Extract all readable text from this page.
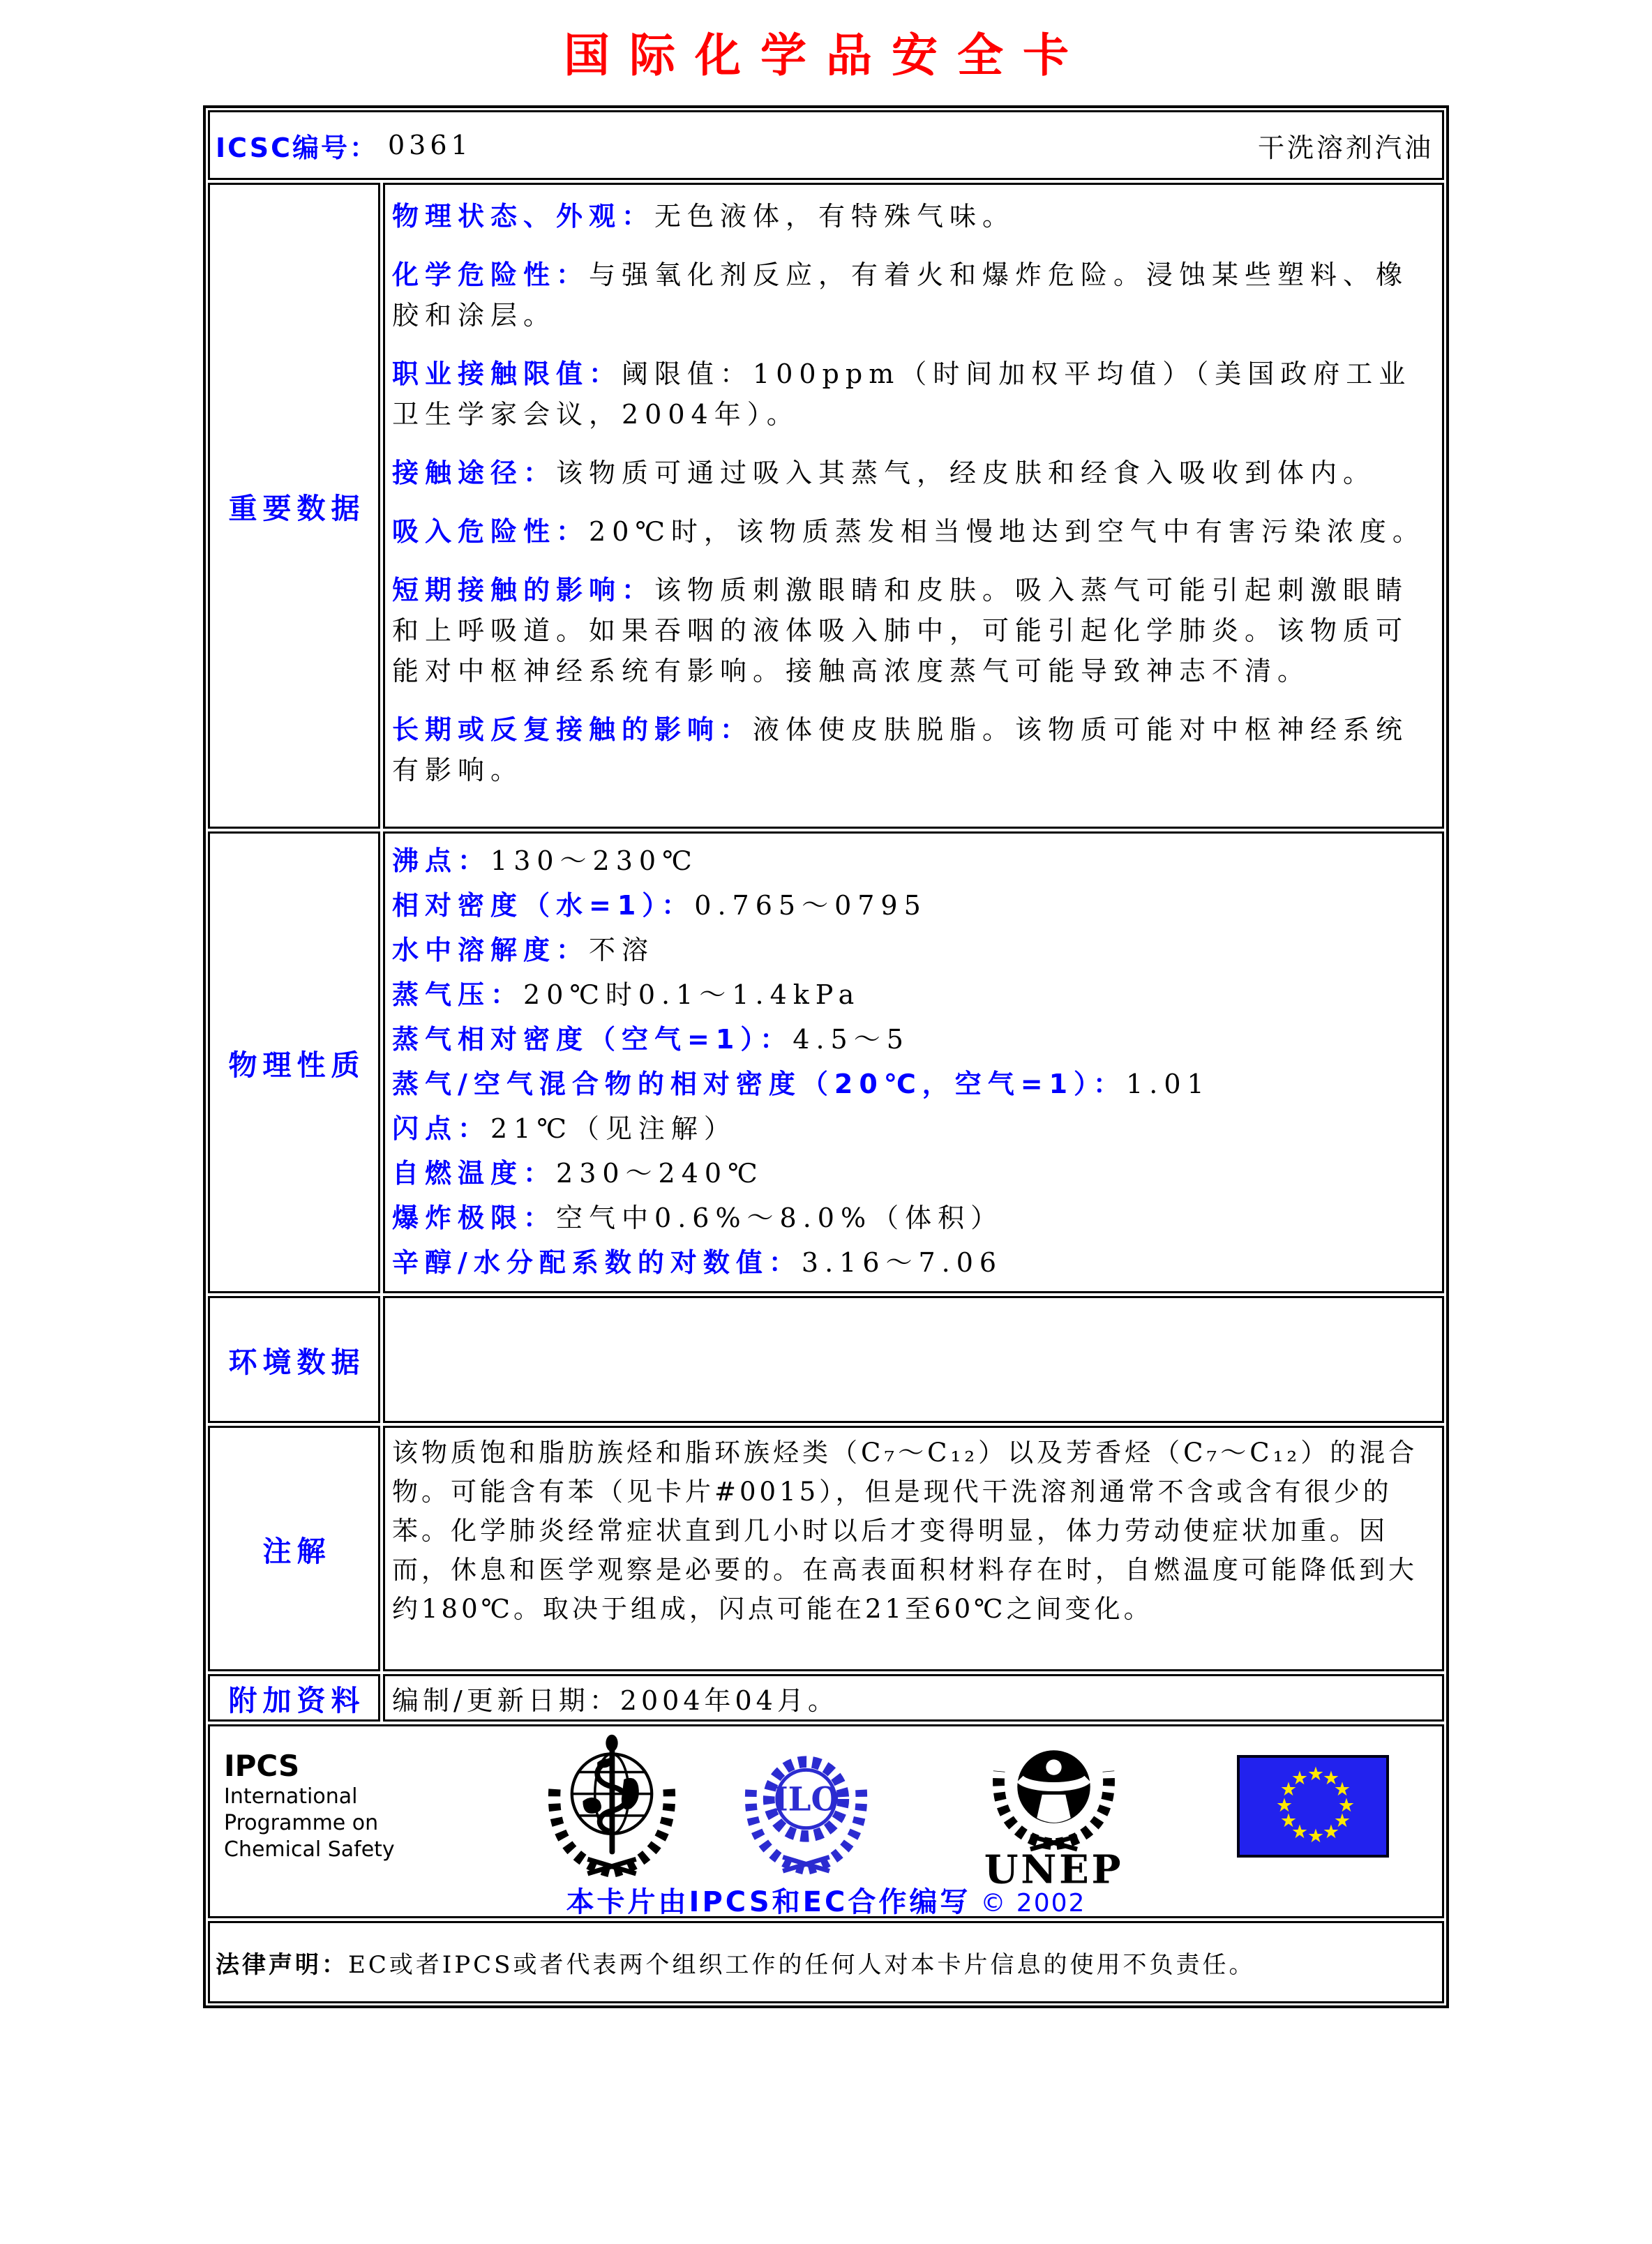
国际化学品安全卡
ICSC编号： 0361	干洗溶剂汽油
重要数据

物理状态、外观：无色液体，有特殊气味。

化学危险性：与强氧化剂反应，有着火和爆炸危险。浸蚀某些塑料、橡胶和涂层。

职业接触限值：阈限值：100ppm（时间加权平均值）（美国政府工业卫生学家会议，2004年）。

接触途径：该物质可通过吸入其蒸气，经皮肤和经食入吸收到体内。

吸入危险性：20℃时，该物质蒸发相当慢地达到空气中有害污染浓度。

短期接触的影响：该物质刺激眼睛和皮肤。吸入蒸气可能引起刺激眼睛和上呼吸道。如果吞咽的液体吸入肺中，可能引起化学肺炎。该物质可能对中枢神经系统有影响。接触高浓度蒸气可能导致神志不清。

长期或反复接触的影响：液体使皮肤脱脂。该物质可能对中枢神经系统有影响。

物理性质
沸点：130～230℃
相对密度（水=1）：0.765～0795
水中溶解度：不溶
蒸气压：20℃时0.1～1.4kPa
蒸气相对密度（空气=1）：4.5～5
蒸气/空气混合物的相对密度（20℃，空气=1）：1.01
闪点：21℃（见注解）
自燃温度：230～240℃
爆炸极限：空气中0.6%～8.0%（体积）
辛醇/水分配系数的对数值：3.16～7.06
环境数据
注解
该物质饱和脂肪族烃和脂环族烃类（C₇～C₁₂）以及芳香烃（C₇～C₁₂）的混合物。可能含有苯（见卡片#0015），但是现代干洗溶剂通常不含或含有很少的苯。化学肺炎经常症状直到几小时以后才变得明显，体力劳动使症状加重。因而，休息和医学观察是必要的。在高表面积材料存在时，自燃温度可能降低到大约180℃。取决于组成，闪点可能在21至60℃之间变化。
附加资料	编制/更新日期：2004年04月。
IPCS
International
Programme on
Chemical Safety
ILO
UNEP
★
★
★
★
★
★
★
★
★
★
★
★
本卡片由IPCS和EC合作编写 © 2002
法律声明：EC或者IPCS或者代表两个组织工作的任何人对本卡片信息的使用不负责任。
